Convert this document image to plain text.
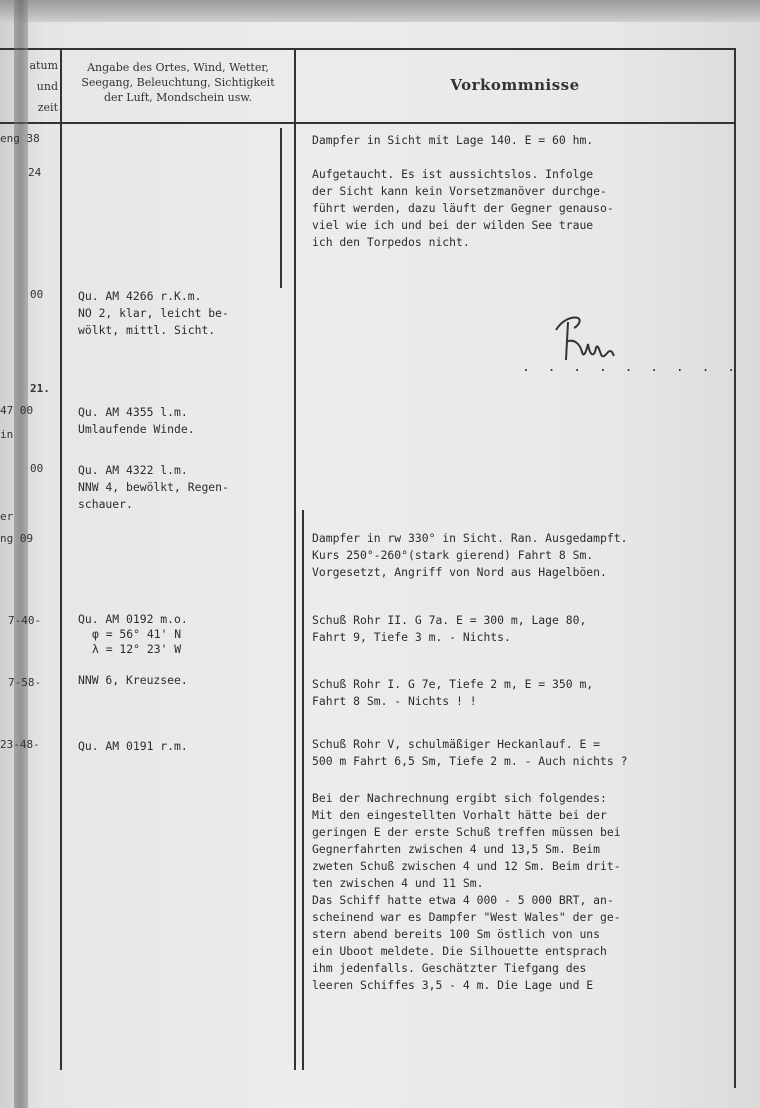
atum
und
zeit
Angabe des Ortes, Wind, Wetter,
Seegang, Beleuchtung, Sichtigkeit
der Luft, Mondschein usw.
Vorkommnisse
eng 38
24
00
21.
47 00
in
00
er
ng 09
7-40-
7-58-
23-48-
Qu. AM 4266 r.K.m.
NO 2, klar, leicht be-
wölkt, mittl. Sicht.
Qu. AM 4355 l.m.
Umlaufende Winde.
Qu. AM 4322 l.m.
NNW 4, bewölkt, Regen-
schauer.
Qu. AM 0192 m.o.
φ = 56° 41' N
λ = 12° 23' W
NNW 6, Kreuzsee.
Qu. AM 0191 r.m.
Dampfer in Sicht mit Lage 140. E = 60 hm.
Aufgetaucht. Es ist aussichtslos. Infolge
der Sicht kann kein Vorsetzmanöver durchge-
führt werden, dazu läuft der Gegner genauso-
viel wie ich und bei der wilden See traue
ich den Torpedos nicht.
. . . . . . . . .
Dampfer in rw 330° in Sicht. Ran. Ausgedampft.
Kurs 250°-260°(stark gierend) Fahrt 8 Sm.
Vorgesetzt, Angriff von Nord aus Hagelböen.
Schuß Rohr II. G 7a. E = 300 m, Lage 80,
Fahrt 9, Tiefe 3 m. - Nichts.
Schuß Rohr I. G 7e, Tiefe 2 m, E = 350 m,
Fahrt 8 Sm. - Nichts ! !
Schuß Rohr V, schulmäßiger Heckanlauf. E =
500 m Fahrt 6,5 Sm, Tiefe 2 m. - Auch nichts ?
Bei der Nachrechnung ergibt sich folgendes:
Mit den eingestellten Vorhalt hätte bei der
geringen E der erste Schuß treffen müssen bei
Gegnerfahrten zwischen 4 und 13,5 Sm. Beim
zweten Schuß zwischen 4 und 12 Sm. Beim drit-
ten zwischen 4 und 11 Sm.
Das Schiff hatte etwa 4 000 - 5 000 BRT, an-
scheinend war es Dampfer "West Wales" der ge-
stern abend bereits 100 Sm östlich von uns
ein Uboot meldete. Die Silhouette entsprach
ihm jedenfalls. Geschätzter Tiefgang des
leeren Schiffes 3,5 - 4 m. Die Lage und E
